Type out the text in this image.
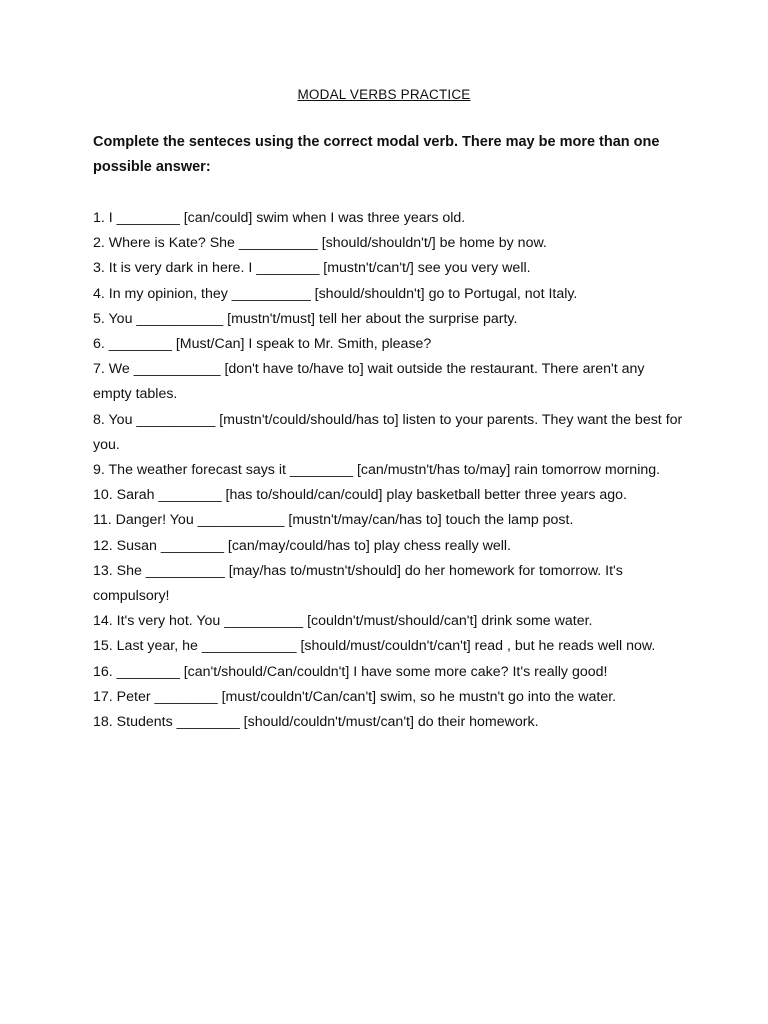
MODAL VERBS PRACTICE
Complete the senteces using the correct modal verb. There may be more than one possible answer:
1. I ________ [can/could] swim when I was three years old.
2. Where is Kate? She __________ [should/shouldn't/] be home by now.
3. It is very dark in here. I ________ [mustn't/can't/] see you very well.
4. In my opinion, they __________ [should/shouldn't] go to Portugal, not Italy.
5. You ___________ [mustn't/must] tell her about the surprise party.
6. ________ [Must/Can] I speak to Mr. Smith, please?
7. We ___________ [don't have to/have to] wait outside the restaurant. There aren't any empty tables.
8. You __________ [mustn't/could/should/has to] listen to your parents. They want the best for you.
9. The weather forecast says it ________ [can/mustn't/has to/may] rain tomorrow morning. 10. Sarah ________ [has to/should/can/could] play basketball better three years ago.
11. Danger! You ___________ [mustn't/may/can/has to] touch the lamp post.
12. Susan ________ [can/may/could/has to] play chess really well.
13. She __________ [may/has to/mustn't/should] do her homework for tomorrow. It's compulsory!
14. It's very hot. You __________ [couldn't/must/should/can't] drink some water.
15. Last year, he ____________ [should/must/couldn't/can't] read , but he reads well now.
16. ________ [can't/should/Can/couldn't] I have some more cake? It's really good!
17. Peter ________ [must/couldn't/Can/can't] swim, so he mustn't go into the water.
18. Students ________ [should/couldn't/must/can't] do their homework.
